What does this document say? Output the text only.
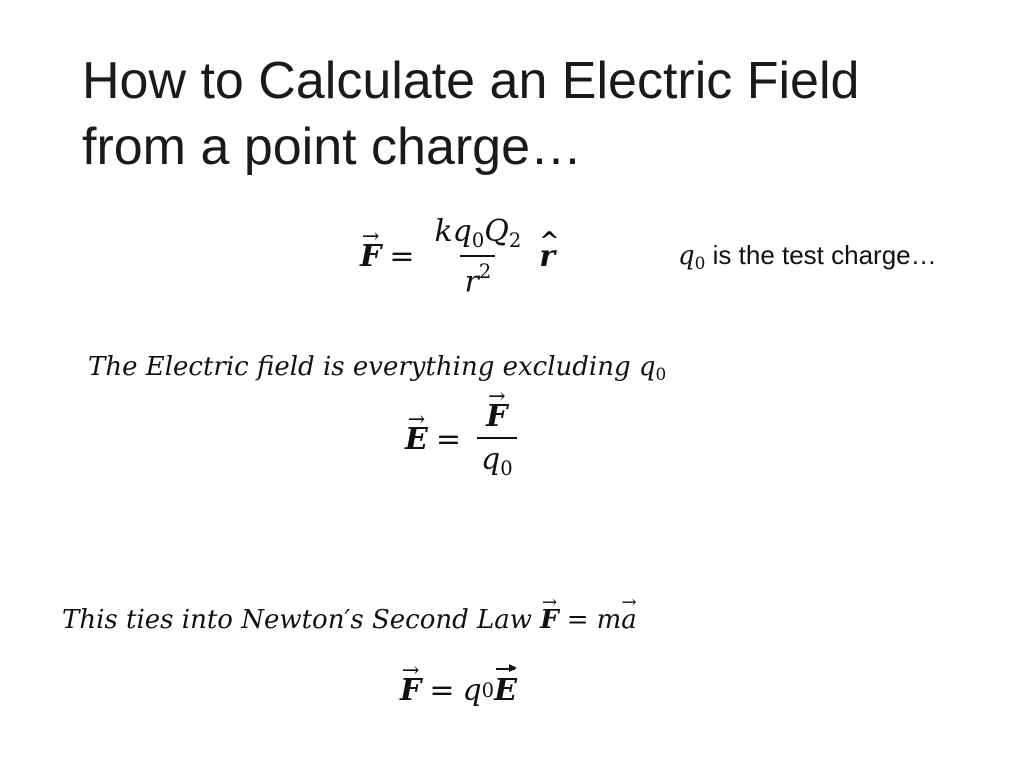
How to Calculate an Electric Field
from a point charge…
→ $F = \frac{kq_0Q_2}{r^2}$ ^ r	$q_0$ is the test charge…
The Electric field is everything excluding $q_0$
→ E = → $\frac{F}{q_0}$
This ties into Newton′s Second Law → F = m→ a
→ F = q 0 E
